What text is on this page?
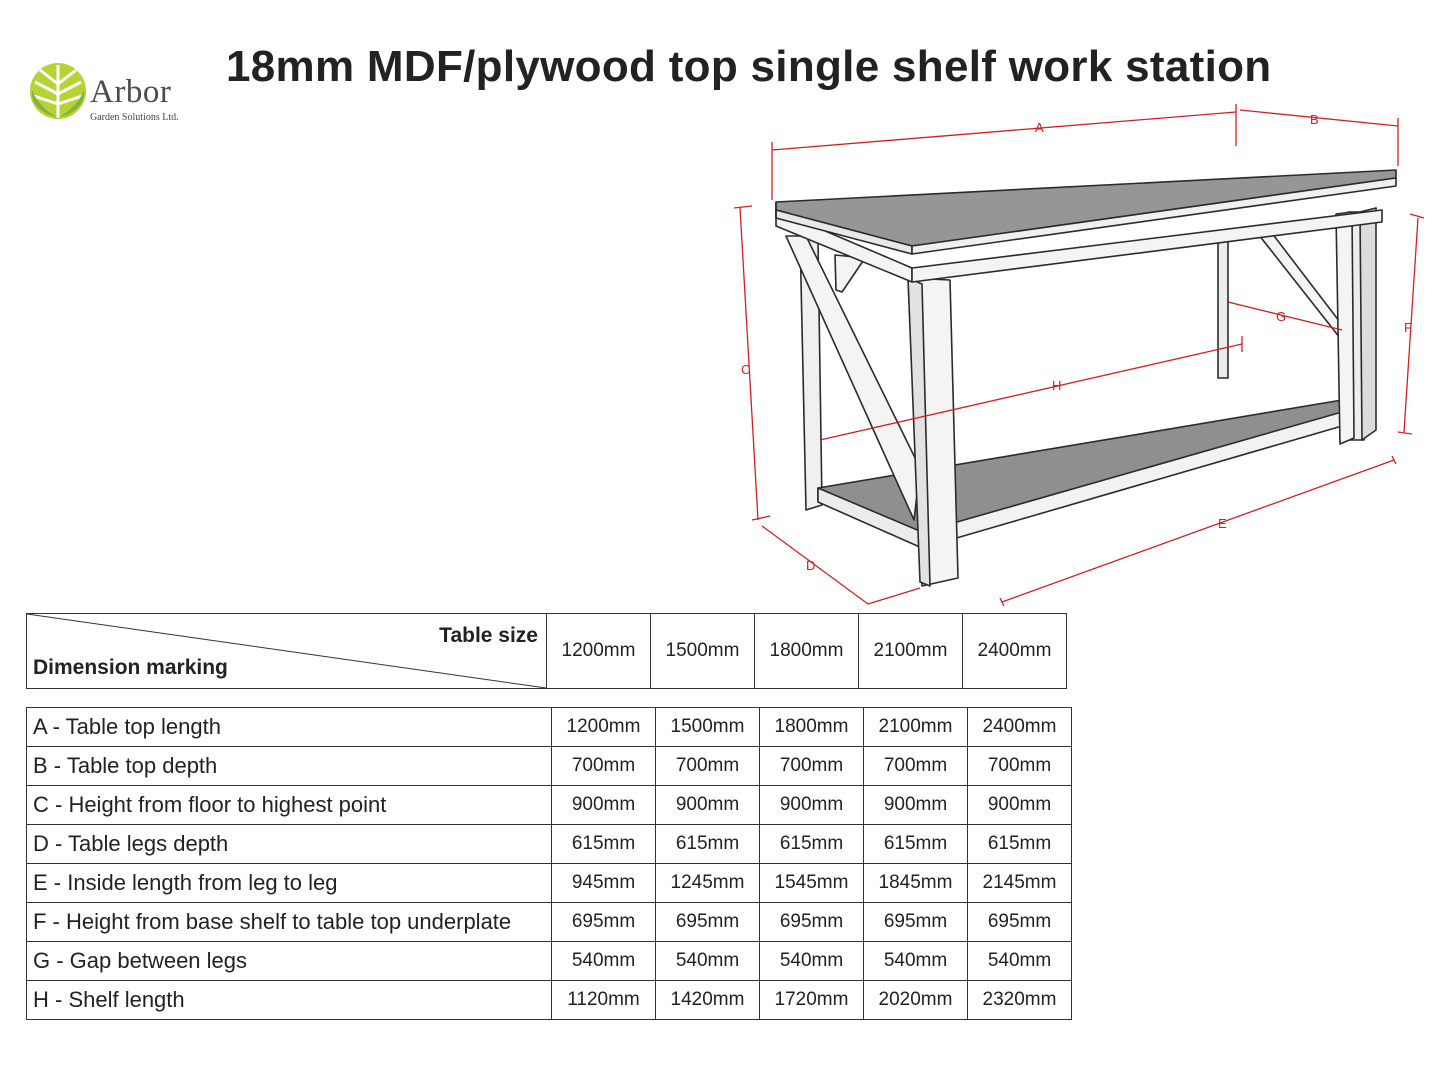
Arbor
Garden Solutions Ltd.
18mm MDF/plywood top single shelf work station
A
B
C
D
E
F
G
H
Table size
Dimension marking
	1200mm	1500mm	1800mm	2100mm	2400mm
A - Table top length	1200mm	1500mm	1800mm	2100mm	2400mm
B - Table top depth	700mm	700mm	700mm	700mm	700mm
C - Height from floor to highest point	900mm	900mm	900mm	900mm	900mm
D - Table legs depth	615mm	615mm	615mm	615mm	615mm
E - Inside length from leg to leg	945mm	1245mm	1545mm	1845mm	2145mm
F - Height from base shelf to table top underplate	695mm	695mm	695mm	695mm	695mm
G - Gap between legs	540mm	540mm	540mm	540mm	540mm
H - Shelf length	1120mm	1420mm	1720mm	2020mm	2320mm
